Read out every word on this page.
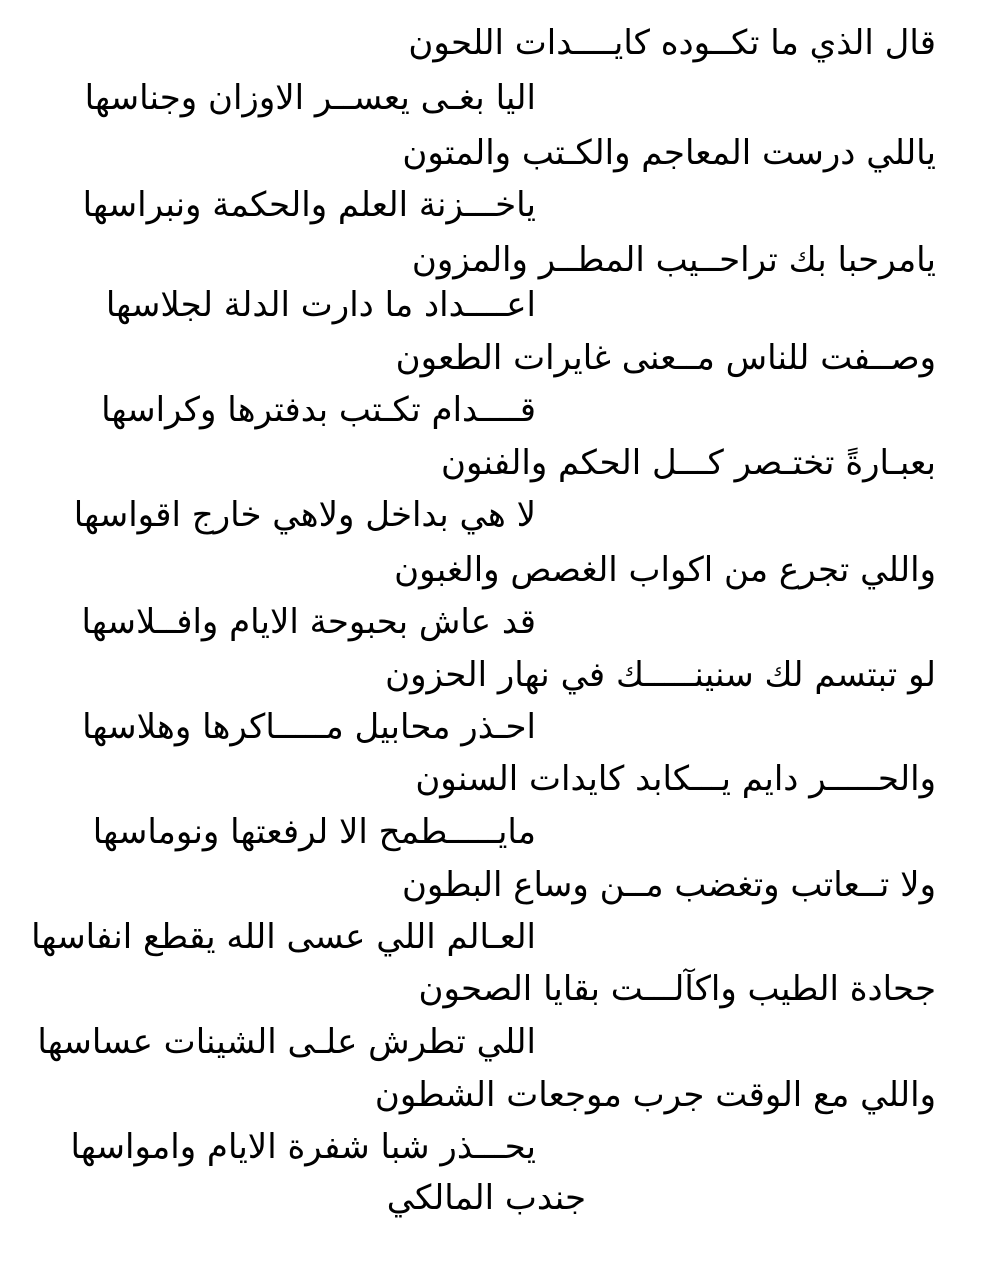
قال الذي ما تكــوده كايــــدات اللحون
اليا بغـى يعســر الاوزان وجناسها
ياللي درست المعاجم والكـتب والمتون
ياخـــزنة العلم والحكمة ونبراسها
يامرحبا بك تراحــيب المطــر والمزون
اعــــداد ما دارت الدلة لجلاسها
وصــفت للناس مــعنى غايرات الطعون
قــــدام تكـتب بدفترها وكراسها
بعبـارةً تختـصر كـــل الحكم والفنون
لا هي بداخل ولاهي خارج اقواسها
واللي تجرع من اكواب الغصص والغبون
قد عاش بحبوحة الايام وافــلاسها
لو تبتسم لك سنينـــــك في نهار الحزون
احـذر محابيل مـــــاكرها وهلاسها
والحـــــر دايم يـــكابد كايدات السنون
مايـــــطمح الا لرفعتها ونوماسها
ولا تــعاتب وتغضب مــن وساع البطون
العـالم اللي عسى الله يقطع انفاسها
جحادة الطيب واكآلـــت بقايا الصحون
اللي تطرش علـى الشينات عساسها
واللي مع الوقت جرب موجعات الشطون
يحـــذر شبا شفرة الايام وامواسها
جندب المالكي
